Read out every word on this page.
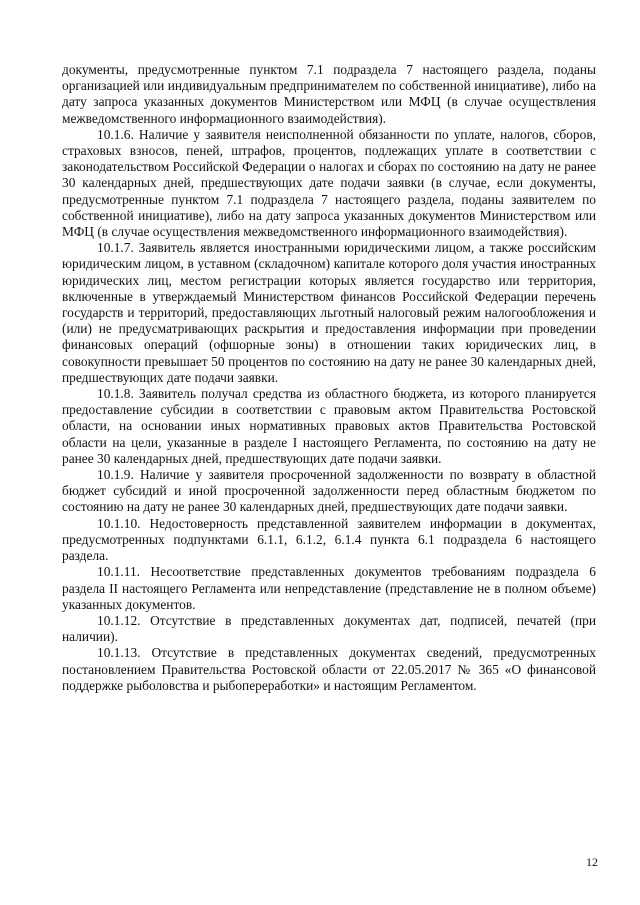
документы, предусмотренные пунктом 7.1 подраздела 7 настоящего раздела, поданы организацией или индивидуальным предпринимателем по собственной инициативе), либо на дату запроса указанных документов Министерством или МФЦ (в случае осуществления межведомственного информационного взаимодействия).

10.1.6. Наличие у заявителя неисполненной обязанности по уплате, налогов, сборов, страховых взносов, пеней, штрафов, процентов, подлежащих уплате в соответствии с законодательством Российской Федерации о налогах и сборах по состоянию на дату не ранее 30 календарных дней, предшествующих дате подачи заявки (в случае, если документы, предусмотренные пунктом 7.1 подраздела 7 настоящего раздела, поданы заявителем по собственной инициативе), либо на дату запроса указанных документов Министерством или МФЦ (в случае осуществления межведомственного информационного взаимодействия).

10.1.7. Заявитель является иностранными юридическими лицом, а также российским юридическим лицом, в уставном (складочном) капитале которого доля участия иностранных юридических лиц, местом регистрации которых является государство или территория, включенные в утверждаемый Министерством финансов Российской Федерации перечень государств и территорий, предоставляющих льготный налоговый режим налогообложения и (или) не предусматривающих раскрытия и предоставления информации при проведении финансовых операций (офшорные зоны) в отношении таких юридических лиц, в совокупности превышает 50 процентов по состоянию на дату не ранее 30 календарных дней, предшествующих дате подачи заявки.

10.1.8. Заявитель получал средства из областного бюджета, из которого планируется предоставление субсидии в соответствии с правовым актом Правительства Ростовской области, на основании иных нормативных правовых актов Правительства Ростовской области на цели, указанные в разделе I настоящего Регламента, по состоянию на дату не ранее 30 календарных дней, предшествующих дате подачи заявки.

10.1.9. Наличие у заявителя просроченной задолженности по возврату в областной бюджет субсидий и иной просроченной задолженности перед областным бюджетом по состоянию на дату не ранее 30 календарных дней, предшествующих дате подачи заявки.

10.1.10. Недостоверность представленной заявителем информации в документах, предусмотренных подпунктами 6.1.1, 6.1.2, 6.1.4 пункта 6.1 подраздела 6 настоящего раздела.

10.1.11. Несоответствие представленных документов требованиям подраздела 6 раздела II настоящего Регламента или непредставление (представление не в полном объеме) указанных документов.

10.1.12. Отсутствие в представленных документах дат, подписей, печатей (при наличии).

10.1.13. Отсутствие в представленных документах сведений, предусмотренных постановлением Правительства Ростовской области от 22.05.2017 № 365 «О финансовой поддержке рыболовства и рыбопереработки» и настоящим Регламентом.

12
